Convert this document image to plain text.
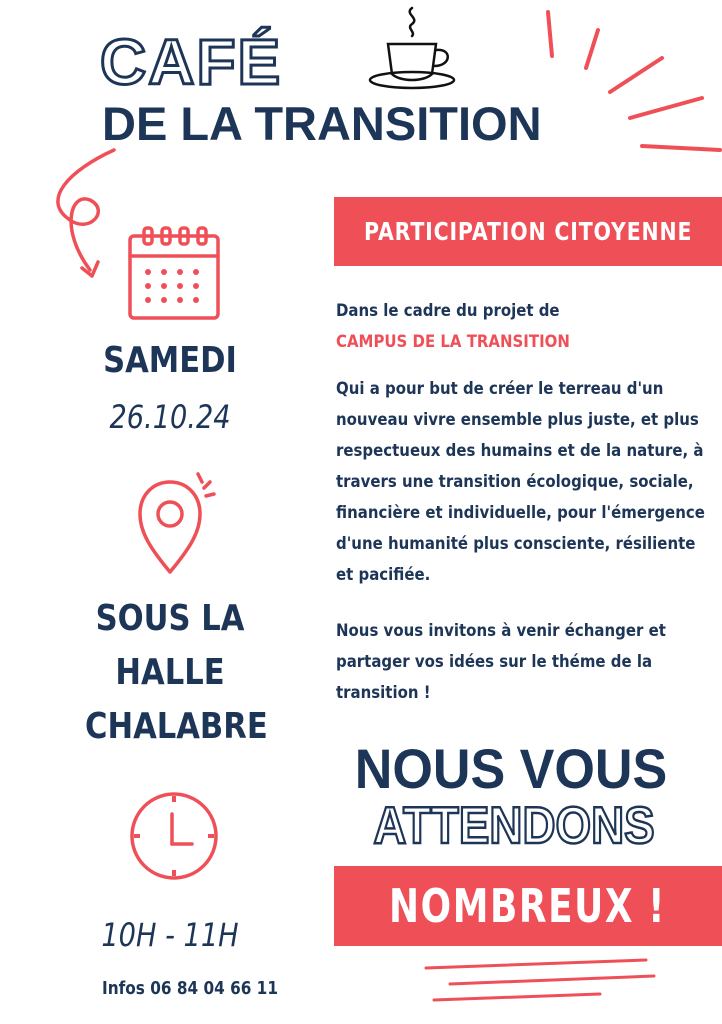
CAFÉ
DE LA TRANSITION
SAMEDI
26.10.24
SOUS LA
HALLE
CHALABRE
10H - 11H
Infos 06 84 04 66 11
PARTICIPATION CITOYENNE
Dans le cadre du projet de
CAMPUS DE LA TRANSITION
Qui a pour but de créer le terreau d'un nouveau vivre ensemble plus juste, et plus respectueux des humains et de la nature, à travers une transition écologique, sociale, financière et individuelle, pour l'émergence d'une humanité plus consciente, résiliente et pacifiée.
Nous vous invitons à venir échanger et partager vos idées sur le théme de la transition !
NOUS VOUS
ATTENDONS
NOMBREUX !
